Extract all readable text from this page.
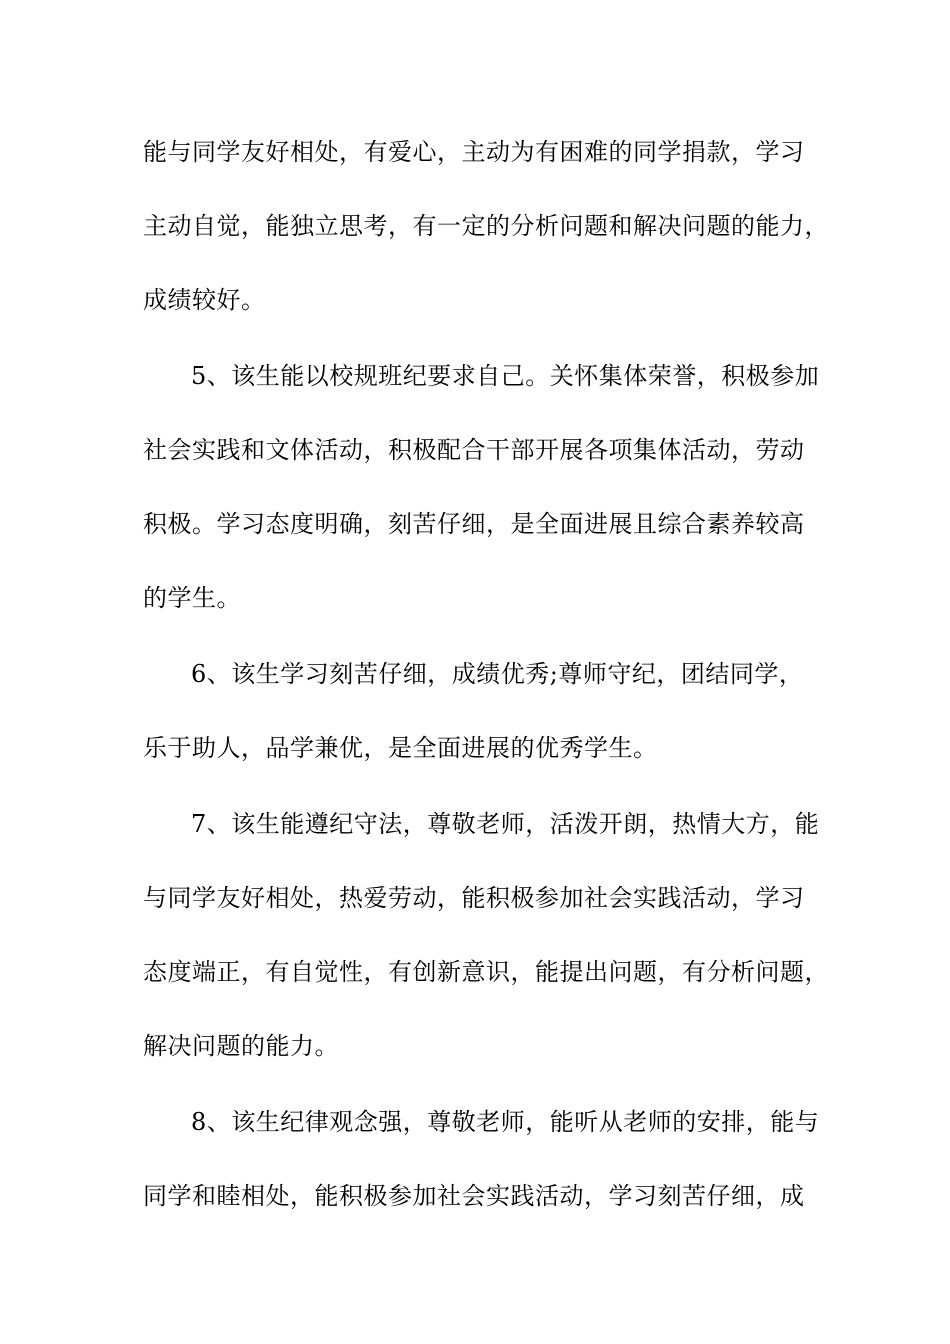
能与同学友好相处，有爱心，主动为有困难的同学捐款，学习
主动自觉，能独立思考，有一定的分析问题和解决问题的能力，
成绩较好。
5、该生能以校规班纪要求自己。关怀集体荣誉，积极参加
社会实践和文体活动，积极配合干部开展各项集体活动，劳动
积极。学习态度明确，刻苦仔细，是全面进展且综合素养较高
的学生。
6、该生学习刻苦仔细，成绩优秀;尊师守纪，团结同学，
乐于助人，品学兼优，是全面进展的优秀学生。
7、该生能遵纪守法，尊敬老师，活泼开朗，热情大方，能
与同学友好相处，热爱劳动，能积极参加社会实践活动，学习
态度端正，有自觉性，有创新意识，能提出问题，有分析问题，
解决问题的能力。
8、该生纪律观念强，尊敬老师，能听从老师的安排，能与
同学和睦相处，能积极参加社会实践活动，学习刻苦仔细，成
